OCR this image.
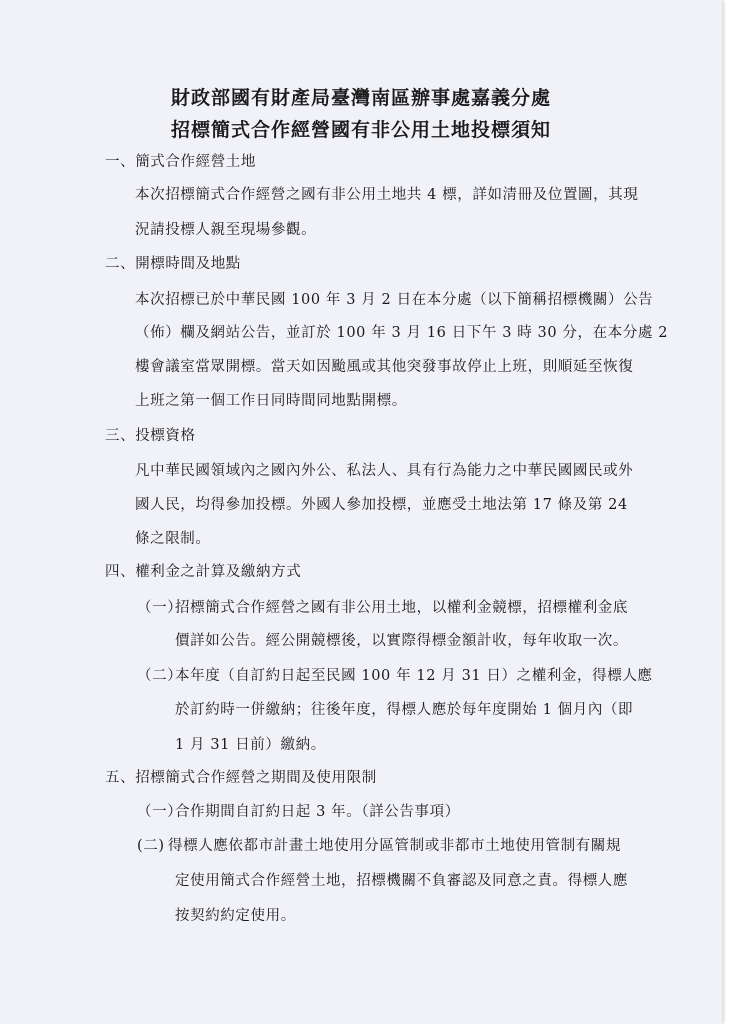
財政部國有財產局臺灣南區辦事處嘉義分處
招標簡式合作經營國有非公用土地投標須知
一、簡式合作經營土地
本次招標簡式合作經營之國有非公用土地共 4 標，詳如清冊及位置圖，其現
況請投標人親至現場參觀。
二、開標時間及地點
本次招標已於中華民國 100 年 3 月 2 日在本分處（以下簡稱招標機關）公告
（佈）欄及網站公告，並訂於 100 年 3 月 16 日下午 3 時 30 分，在本分處 2
樓會議室當眾開標。當天如因颱風或其他突發事故停止上班，則順延至恢復
上班之第一個工作日同時間同地點開標。
三、投標資格
凡中華民國領域內之國內外公、私法人、具有行為能力之中華民國國民或外
國人民，均得參加投標。外國人參加投標，並應受土地法第 17 條及第 24
條之限制。
四、權利金之計算及繳納方式
（一）
招標簡式合作經營之國有非公用土地，以權利金競標，招標權利金底
價詳如公告。經公開競標後，以實際得標金額計收，每年收取一次。
（二）
本年度（自訂約日起至民國 100 年 12 月 31 日）之權利金，得標人應
於訂約時一併繳納；往後年度，得標人應於每年度開始 1 個月內（即
1 月 31 日前）繳納。
五、招標簡式合作經營之期間及使用限制
（一）
合作期間自訂約日起 3 年。（詳公告事項）
(二) 得標人應依都市計畫土地使用分區管制或非都市土地使用管制有關規
定使用簡式合作經營土地，招標機關不負審認及同意之責。得標人應
按契約約定使用。
